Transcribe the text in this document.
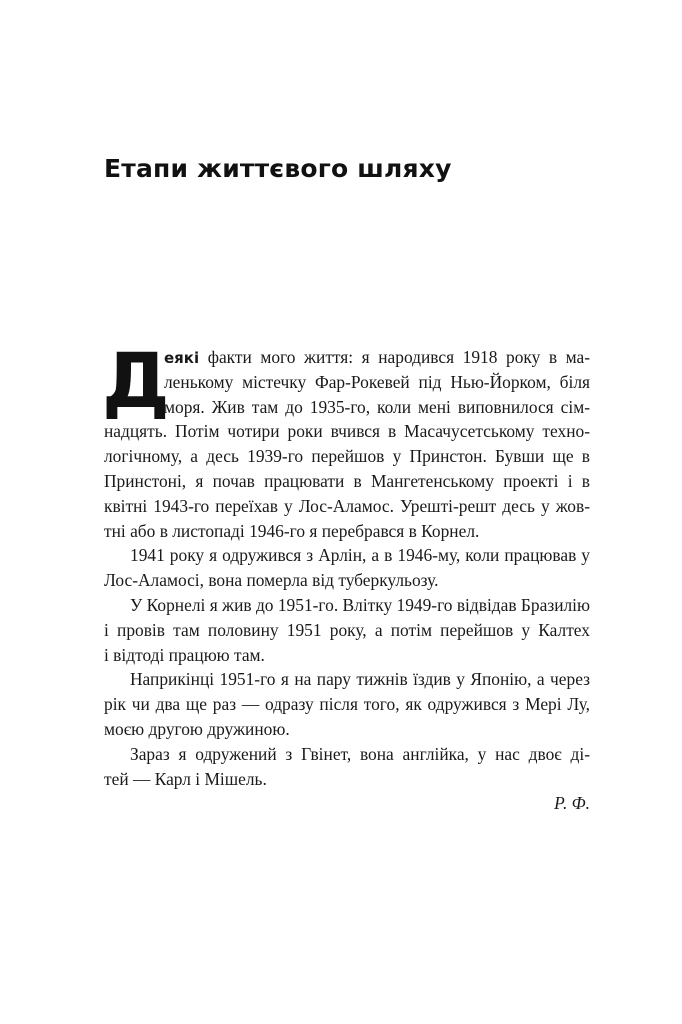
Етапи життєвого шляху
Д
еякі факти мого життя: я народився 1918 року в ма-
ленькому містечку Фар-Рокевей під Нью-Йорком, біля
моря. Жив там до 1935-го, коли мені виповнилося сім-
надцять. Потім чотири роки вчився в Масачусетському техно-
логічному, а десь 1939-го перейшов у Принстон. Бувши ще в
Принстоні, я почав працювати в Мангетенському проекті і в
квітні 1943-го переїхав у Лос-Аламос. Урешті-решт десь у жов-
тні або в листопаді 1946-го я перебрався в Корнел.
1941 року я одружився з Арлін, а в 1946-му, коли працював у
Лос-Аламосі, вона померла від туберкульозу.
У Корнелі я жив до 1951-го. Влітку 1949-го відвідав Бразилію
і провів там половину 1951 року, а потім перейшов у Калтех
і відтоді працюю там.
Наприкінці 1951-го я на пару тижнів їздив у Японію, а через
рік чи два ще раз — одразу після того, як одружився з Мері Лу,
моєю другою дружиною.
Зараз я одружений з Гвінет, вона англійка, у нас двоє ді-
тей — Карл і Мішель.
Р. Ф.
